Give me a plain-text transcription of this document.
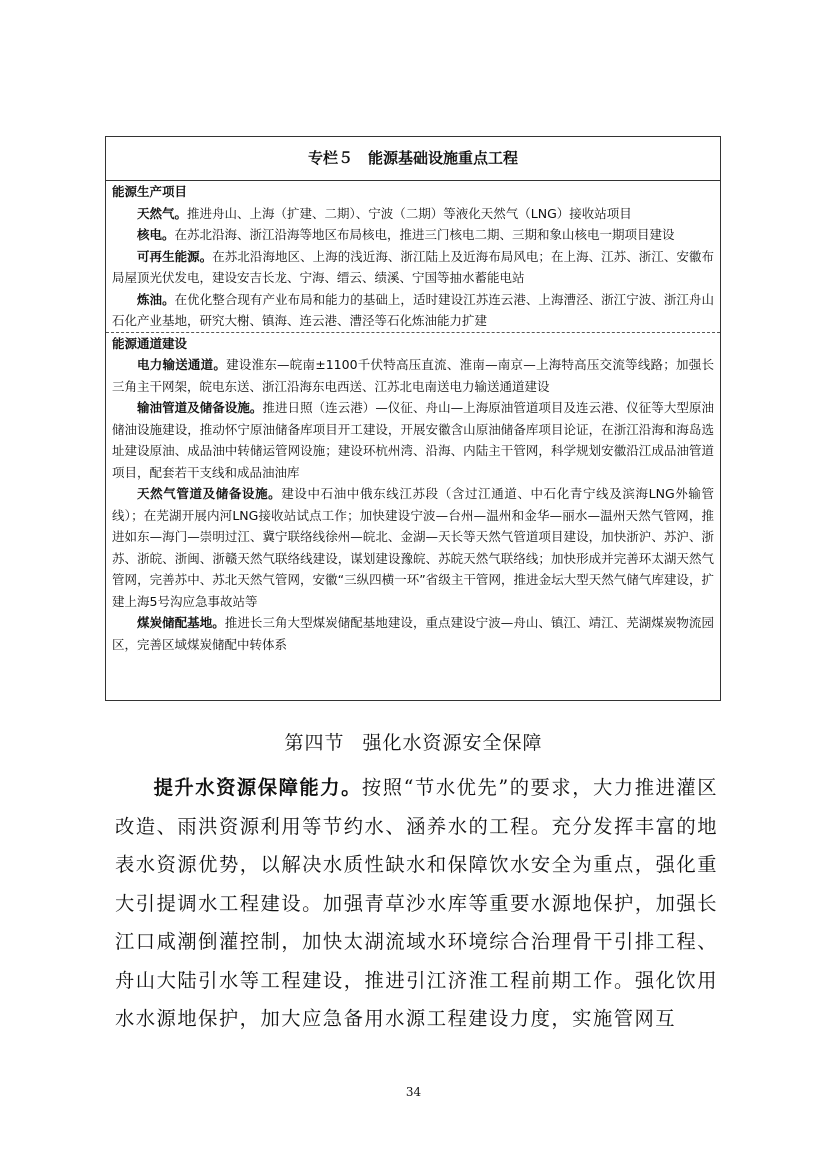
专栏５　能源基础设施重点工程
能源生产项目
天然气。推进舟山、上海（扩建、二期）、宁波（二期）等液化天然气（LNG）接收站项目
核电。在苏北沿海、浙江沿海等地区布局核电，推进三门核电二期、三期和象山核电一期项目建设
可再生能源。在苏北沿海地区、上海的浅近海、浙江陆上及近海布局风电；在上海、江苏、浙江、安徽布局屋顶光伏发电，建设安吉长龙、宁海、缙云、绩溪、宁国等抽水蓄能电站
炼油。在优化整合现有产业布局和能力的基础上，适时建设江苏连云港、上海漕泾、浙江宁波、浙江舟山石化产业基地，研究大榭、镇海、连云港、漕泾等石化炼油能力扩建
能源通道建设
电力输送通道。建设淮东—皖南±1100千伏特高压直流、淮南—南京—上海特高压交流等线路；加强长三角主干网架，皖电东送、浙江沿海东电西送、江苏北电南送电力输送通道建设
输油管道及储备设施。推进日照（连云港）—仪征、舟山—上海原油管道项目及连云港、仪征等大型原油储油设施建设，推动怀宁原油储备库项目开工建设，开展安徽含山原油储备库项目论证，在浙江沿海和海岛选址建设原油、成品油中转储运管网设施；建设环杭州湾、沿海、内陆主干管网，科学规划安徽沿江成品油管道项目，配套若干支线和成品油油库
天然气管道及储备设施。建设中石油中俄东线江苏段（含过江通道、中石化青宁线及滨海LNG外输管线）；在芜湖开展内河LNG接收站试点工作；加快建设宁波—台州—温州和金华—丽水—温州天然气管网，推进如东—海门—崇明过江、冀宁联络线徐州—皖北、金湖—天长等天然气管道项目建设，加快浙沪、苏沪、浙苏、浙皖、浙闽、浙赣天然气联络线建设，谋划建设豫皖、苏皖天然气联络线；加快形成并完善环太湖天然气管网，完善苏中、苏北天然气管网，安徽“三纵四横一环”省级主干管网，推进金坛大型天然气储气库建设，扩建上海5号沟应急事故站等
煤炭储配基地。推进长三角大型煤炭储配基地建设，重点建设宁波—舟山、镇江、靖江、芜湖煤炭物流园区，完善区域煤炭储配中转体系
第四节 强化水资源安全保障
提升水资源保障能力。按照“节水优先”的要求，大力推进灌区改造、雨洪资源利用等节约水、涵养水的工程。充分发挥丰富的地表水资源优势，以解决水质性缺水和保障饮水安全为重点，强化重大引提调水工程建设。加强青草沙水库等重要水源地保护，加强长江口咸潮倒灌控制，加快太湖流域水环境综合治理骨干引排工程、舟山大陆引水等工程建设，推进引江济淮工程前期工作。强化饮用水水源地保护，加大应急备用水源工程建设力度，实施管网互
34
